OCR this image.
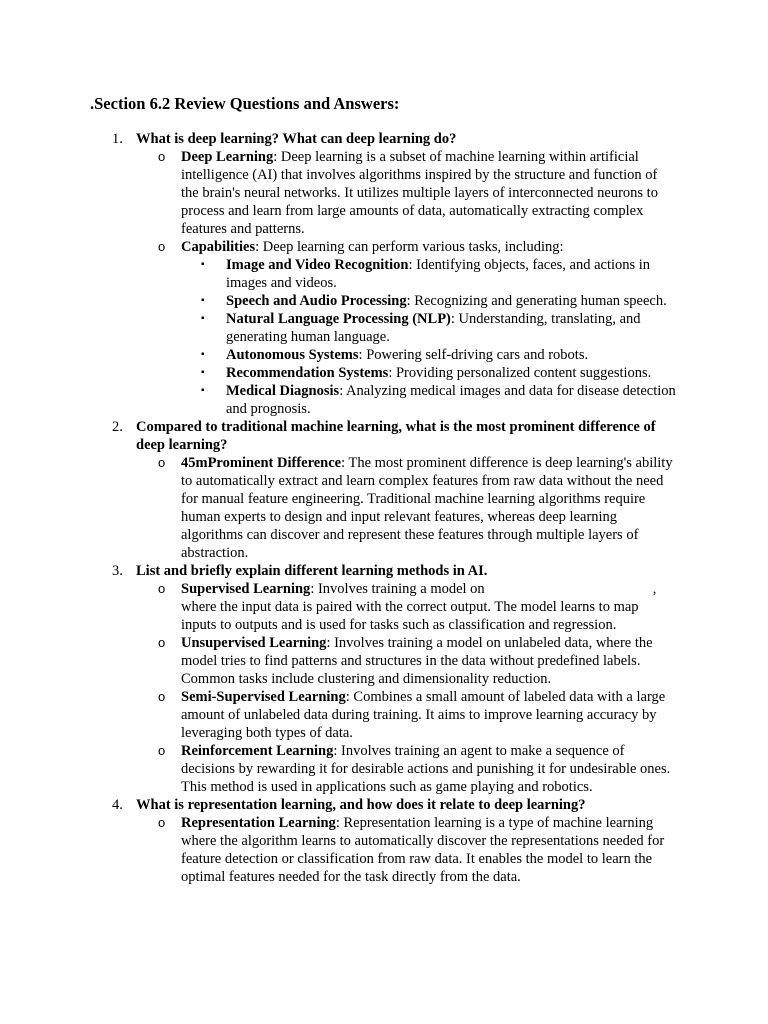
.Section 6.2 Review Questions and Answers:
1. What is deep learning? What can deep learning do?
o Deep Learning: Deep learning is a subset of machine learning within artificial intelligence (AI) that involves algorithms inspired by the structure and function of the brain's neural networks. It utilizes multiple layers of interconnected neurons to process and learn from large amounts of data, automatically extracting complex features and patterns.
o Capabilities: Deep learning can perform various tasks, including:
▪ Image and Video Recognition: Identifying objects, faces, and actions in images and videos.
▪ Speech and Audio Processing: Recognizing and generating human speech.
▪ Natural Language Processing (NLP): Understanding, translating, and generating human language.
▪ Autonomous Systems: Powering self-driving cars and robots.
▪ Recommendation Systems: Providing personalized content suggestions.
▪ Medical Diagnosis: Analyzing medical images and data for disease detection and prognosis.
2. Compared to traditional machine learning, what is the most prominent difference of deep learning?
o 45mProminent Difference: The most prominent difference is deep learning's ability to automatically extract and learn complex features from raw data without the need for manual feature engineering. Traditional machine learning algorithms require human experts to design and input relevant features, whereas deep learning algorithms can discover and represent these features through multiple layers of abstraction.
3. List and briefly explain different learning methods in AI.
o Supervised Learning: Involves training a model on	, where the input data is paired with the correct output. The model learns to map inputs to outputs and is used for tasks such as classification and regression.
o Unsupervised Learning: Involves training a model on unlabeled data, where the model tries to find patterns and structures in the data without predefined labels. Common tasks include clustering and dimensionality reduction.
o Semi-Supervised Learning: Combines a small amount of labeled data with a large amount of unlabeled data during training. It aims to improve learning accuracy by leveraging both types of data.
o Reinforcement Learning: Involves training an agent to make a sequence of decisions by rewarding it for desirable actions and punishing it for undesirable ones. This method is used in applications such as game playing and robotics.
4. What is representation learning, and how does it relate to deep learning?
o Representation Learning: Representation learning is a type of machine learning where the algorithm learns to automatically discover the representations needed for feature detection or classification from raw data. It enables the model to learn the optimal features needed for the task directly from the data.
